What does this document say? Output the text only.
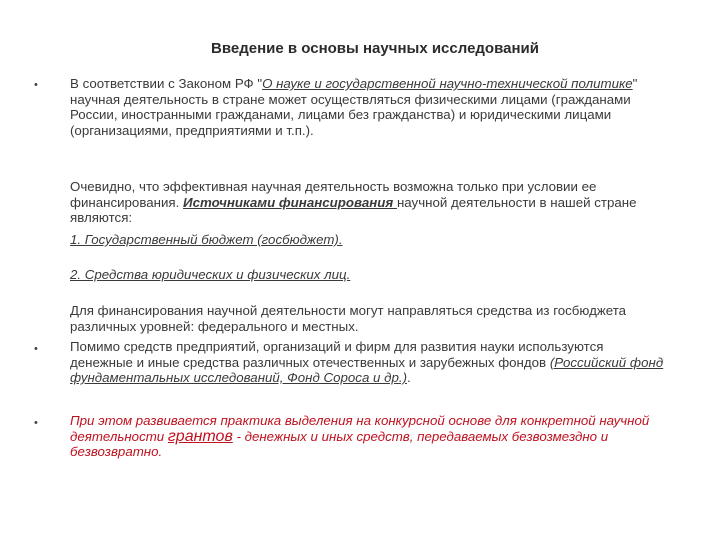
Введение в основы научных исследований
• В соответствии с Законом РФ "О науке и государственной научно-технической политике" научная деятельность в стране может осуществляться физическими лицами (гражданами России, иностранными гражданами, лицами без гражданства) и юридическими лицами (организациями, предприятиями и т.п.).
Очевидно, что эффективная научная деятельность возможна только при условии ее финансирования. Источниками финансирования научной деятельности в нашей стране являются:
1. Государственный бюджет (госбюджет).
2. Средства юридических и физических лиц.
Для финансирования научной деятельности могут направляться средства из госбюджета различных уровней: федерального и местных.
• Помимо средств предприятий, организаций и фирм для развития науки используются денежные и иные средства различных отечественных и зарубежных фондов (Российский фонд фундаментальных исследований, Фонд Сороса и др.).
• При этом развивается практика выделения на конкурсной основе для конкретной научной деятельности грантов - денежных и иных средств, передаваемых безвозмездно и безвозвратно.
